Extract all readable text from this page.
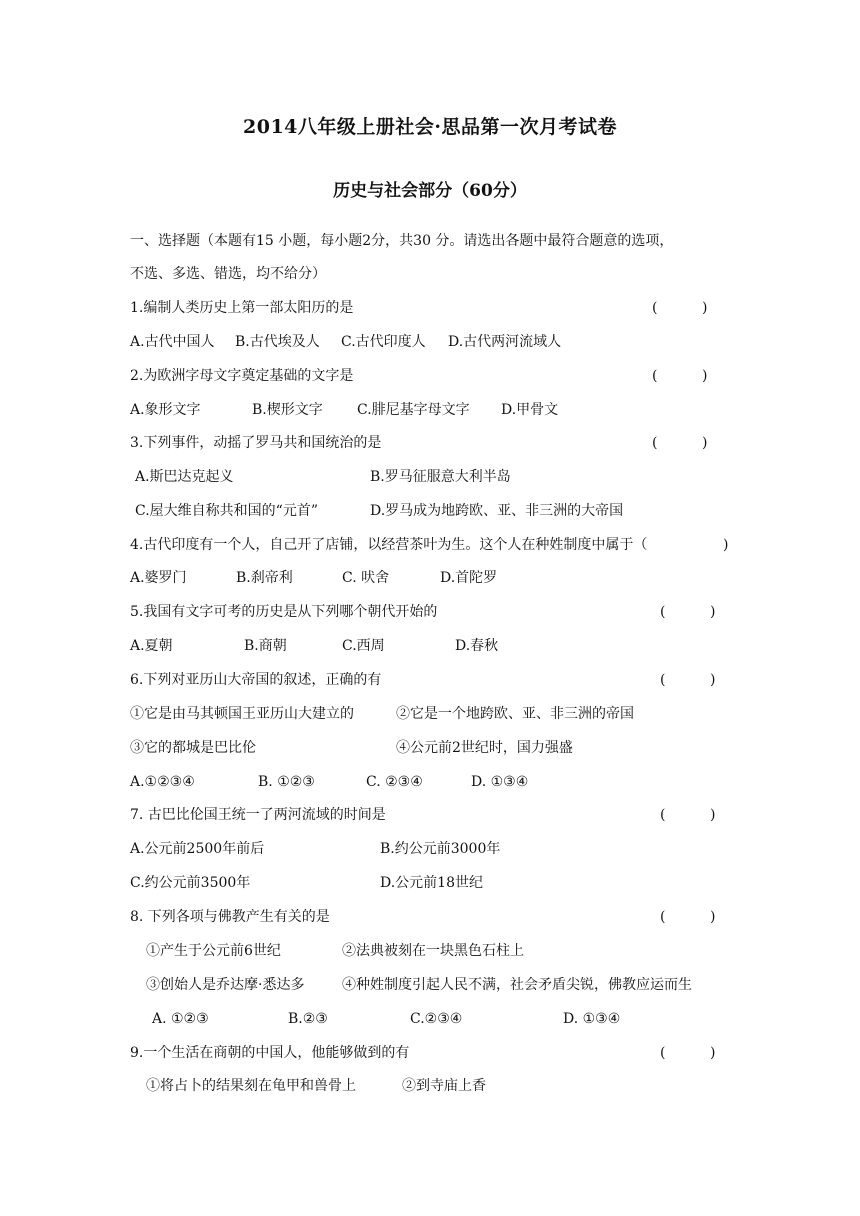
2014八年级上册社会·思品第一次月考试卷
历史与社会部分（60分）
一、选择题（本题有15 小题，每小题2分，共30 分。请选出各题中最符合题意的选项，
不选、多选、错选，均不给分）
1.编制人类历史上第一部太阳历的是	(          )
A.古代中国人 B.古代埃及人 C.古代印度人 D.古代两河流域人
2.为欧洲字母文字奠定基础的文字是	(          )
A.象形文字	B.楔形文字 C.腓尼基字母文字 D.甲骨文
3.下列事件，动摇了罗马共和国统治的是	(          )
A.斯巴达克起义	B.罗马征服意大利半岛
C.屋大维自称共和国的“元首”	D.罗马成为地跨欧、亚、非三洲的大帝国
4.古代印度有一个人，自己开了店铺，以经营茶叶为生。这个人在种姓制度中属于（	)
A.婆罗门	B.刹帝利	C. 吠舍	D.首陀罗
5.我国有文字可考的历史是从下列哪个朝代开始的	(          )
A.夏朝	B.商朝	C.西周	D.春秋
6.下列对亚历山大帝国的叙述，正确的有	(          )
①它是由马其顿国王亚历山大建立的	②它是一个地跨欧、亚、非三洲的帝国
③它的都城是巴比伦	④公元前2世纪时，国力强盛
A.①②③④	B. ①②③	C. ②③④	D. ①③④
7. 古巴比伦国王统一了两河流域的时间是	(          )
A.公元前2500年前后	B.约公元前3000年
C.约公元前3500年	D.公元前18世纪
8. 下列各项与佛教产生有关的是	(          )
①产生于公元前6世纪	②法典被刻在一块黑色石柱上
③创始人是乔达摩·悉达多	④种姓制度引起人民不满，社会矛盾尖锐，佛教应运而生
A. ①②③	B.②③	C.②③④	D. ①③④
9.一个生活在商朝的中国人，他能够做到的有	(          )
①将占卜的结果刻在龟甲和兽骨上	②到寺庙上香
